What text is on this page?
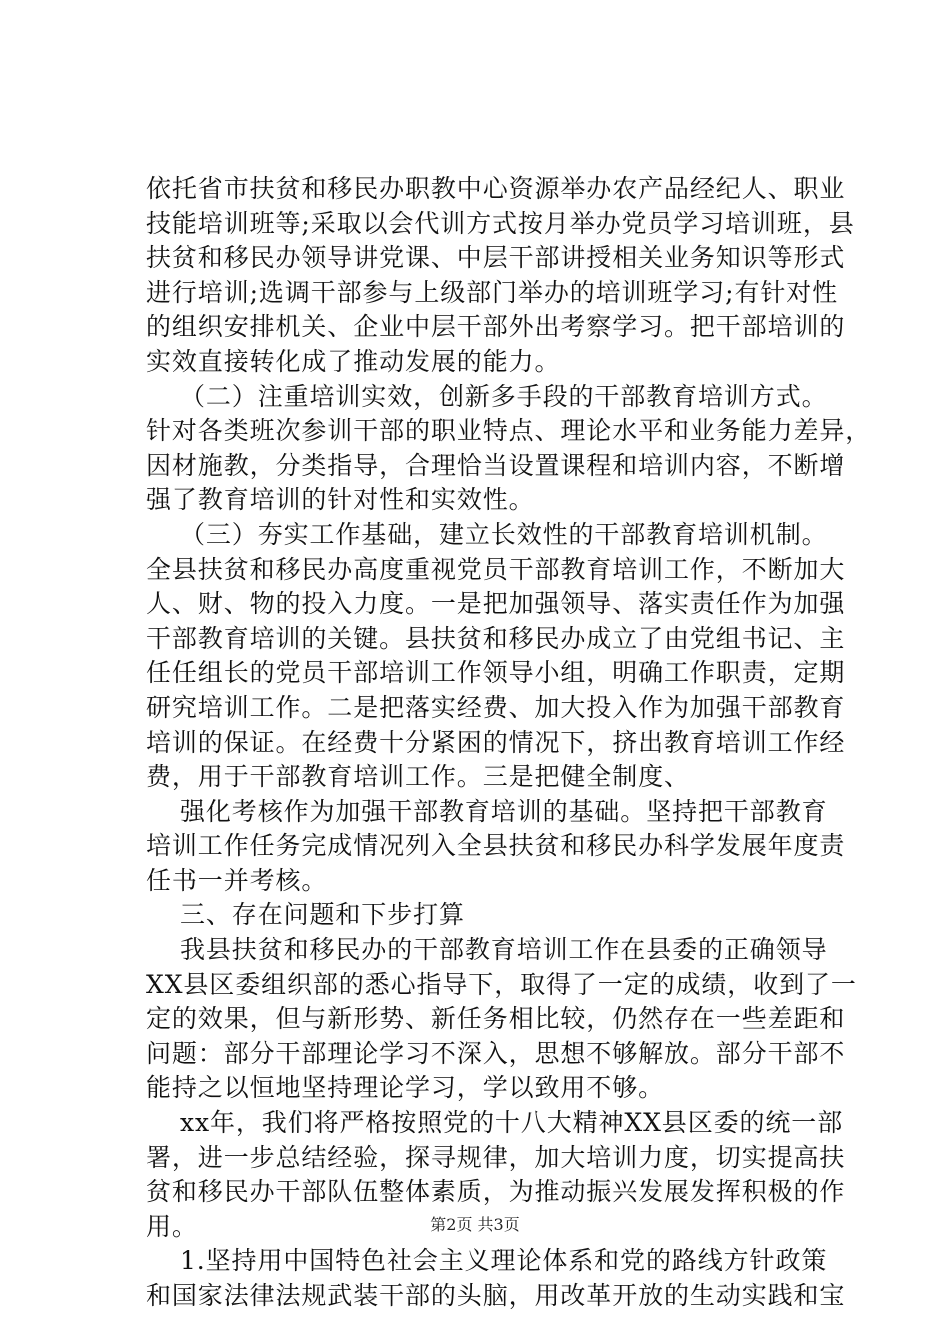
依托省市扶贫和移民办职教中心资源举办农产品经纪人、职业
技能培训班等;采取以会代训方式按月举办党员学习培训班，县
扶贫和移民办领导讲党课、中层干部讲授相关业务知识等形式
进行培训;选调干部参与上级部门举办的培训班学习;有针对性
的组织安排机关、企业中层干部外出考察学习。把干部培训的
实效直接转化成了推动发展的能力。
（二）注重培训实效，创新多手段的干部教育培训方式。
针对各类班次参训干部的职业特点、理论水平和业务能力差异，
因材施教，分类指导，合理恰当设置课程和培训内容，不断增
强了教育培训的针对性和实效性。
（三）夯实工作基础，建立长效性的干部教育培训机制。
全县扶贫和移民办高度重视党员干部教育培训工作，不断加大
人、财、物的投入力度。一是把加强领导、落实责任作为加强
干部教育培训的关键。县扶贫和移民办成立了由党组书记、主
任任组长的党员干部培训工作领导小组，明确工作职责，定期
研究培训工作。二是把落实经费、加大投入作为加强干部教育
培训的保证。在经费十分紧困的情况下，挤出教育培训工作经
费，用于干部教育培训工作。三是把健全制度、
强化考核作为加强干部教育培训的基础。坚持把干部教育
培训工作任务完成情况列入全县扶贫和移民办科学发展年度责
任书一并考核。
三、存在问题和下步打算
我县扶贫和移民办的干部教育培训工作在县委的正确领导
XX县区委组织部的悉心指导下，取得了一定的成绩，收到了一
定的效果，但与新形势、新任务相比较，仍然存在一些差距和
问题：部分干部理论学习不深入，思想不够解放。部分干部不
能持之以恒地坚持理论学习，学以致用不够。
xx年，我们将严格按照党的十八大精神XX县区委的统一部
署，进一步总结经验，探寻规律，加大培训力度，切实提高扶
贫和移民办干部队伍整体素质，为推动振兴发展发挥积极的作
用。
1.坚持用中国特色社会主义理论体系和党的路线方针政策
和国家法律法规武装干部的头脑，用改革开放的生动实践和宝
第2页 共3页
